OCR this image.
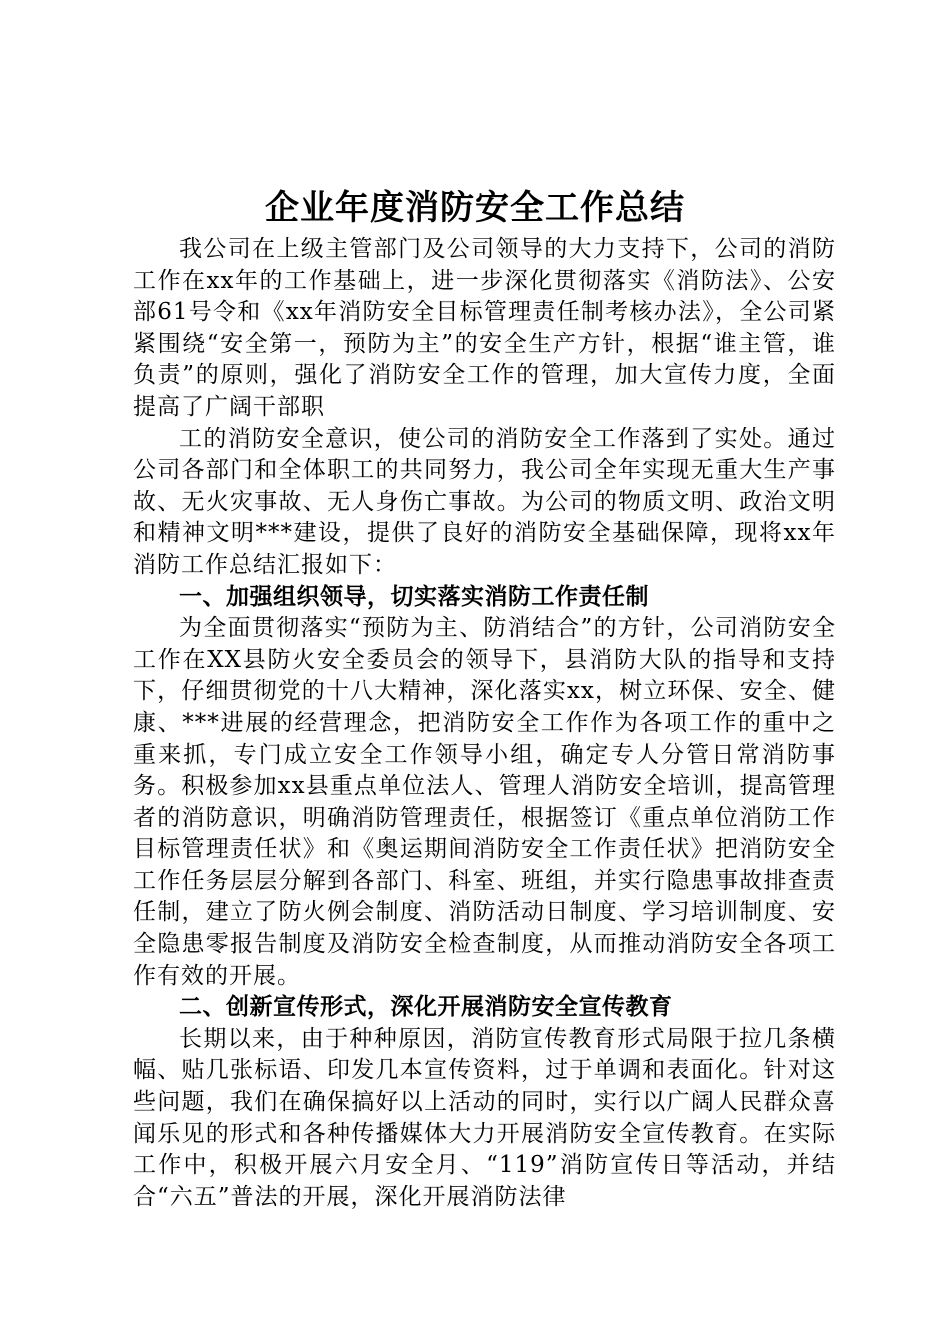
企业年度消防安全工作总结

我公司在上级主管部门及公司领导的大力支持下，公司的消防工作在xx年的工作基础上，进一步深化贯彻落实《消防法》、公安部61号令和《xx年消防安全目标管理责任制考核办法》，全公司紧紧围绕“安全第一，预防为主”的安全生产方针，根据“谁主管，谁负责”的原则，强化了消防安全工作的管理，加大宣传力度，全面提高了广阔干部职

工的消防安全意识，使公司的消防安全工作落到了实处。通过公司各部门和全体职工的共同努力，我公司全年实现无重大生产事故、无火灾事故、无人身伤亡事故。为公司的物质文明、政治文明和精神文明***建设，提供了良好的消防安全基础保障，现将xx年消防工作总结汇报如下：

一、加强组织领导，切实落实消防工作责任制

为全面贯彻落实“预防为主、防消结合”的方针，公司消防安全工作在XX县防火安全委员会的领导下，县消防大队的指导和支持下，仔细贯彻党的十八大精神，深化落实xx，树立环保、安全、健康、***进展的经营理念，把消防安全工作作为各项工作的重中之重来抓，专门成立安全工作领导小组，确定专人分管日常消防事务。积极参加xx县重点单位法人、管理人消防安全培训，提高管理者的消防意识，明确消防管理责任，根据签订《重点单位消防工作目标管理责任状》和《奥运期间消防安全工作责任状》把消防安全工作任务层层分解到各部门、科室、班组，并实行隐患事故排查责任制，建立了防火例会制度、消防活动日制度、学习培训制度、安全隐患零报告制度及消防安全检查制度，从而推动消防安全各项工作有效的开展。

二、创新宣传形式，深化开展消防安全宣传教育

长期以来，由于种种原因，消防宣传教育形式局限于拉几条横幅、贴几张标语、印发几本宣传资料，过于单调和表面化。针对这些问题，我们在确保搞好以上活动的同时，实行以广阔人民群众喜闻乐见的形式和各种传播媒体大力开展消防安全宣传教育。在实际工作中，积极开展六月安全月、“119”消防宣传日等活动，并结合“六五”普法的开展，深化开展消防法律
